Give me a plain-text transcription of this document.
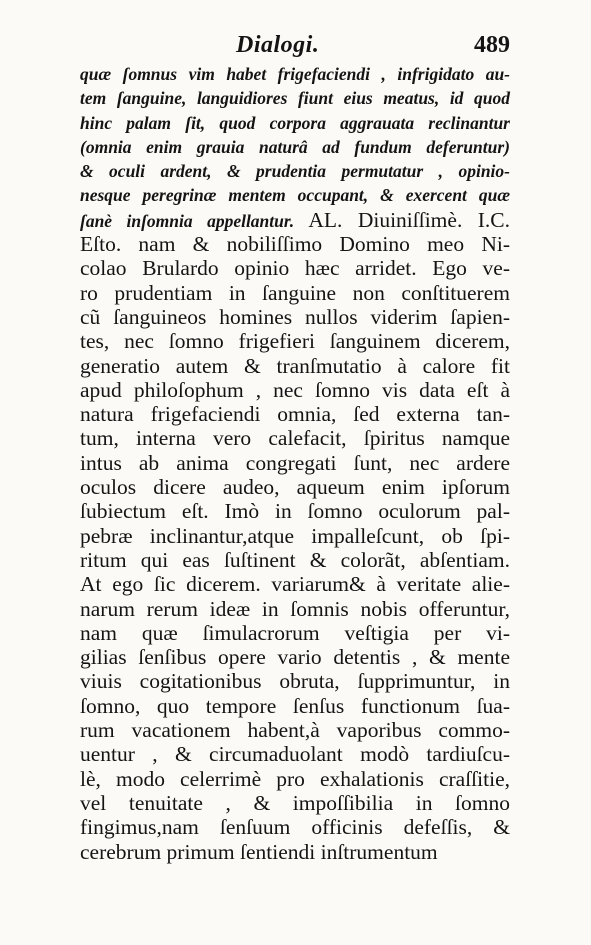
Dialogi.	489
quæ ſomnus vim habet frigefaciendi , infrigidato au-
tem ſanguine, languidiores fiunt eius meatus, id quod
hinc palam ſit, quod corpora aggrauata reclinantur
(omnia enim grauia naturâ ad fundum deferuntur)
& oculi ardent, & prudentia permutatur , opinio-
nesque peregrinæ mentem occupant, & exercent quæ
ſanè inſomnia appellantur. AL. Diuiniſſimè. I.C.
Eſto. nam & nobiliſſimo Domino meo Ni-
colao Brulardo opinio hæc arridet. Ego ve-
ro prudentiam in ſanguine non conſtituerem
cũ ſanguineos homines nullos viderim ſapien-
tes, nec ſomno frigefieri ſanguinem dicerem,
generatio autem & tranſmutatio à calore fit
apud philoſophum , nec ſomno vis data eſt à
natura frigefaciendi omnia, ſed externa tan-
tum, interna vero calefacit, ſpiritus namque
intus ab anima congregati ſunt, nec ardere
oculos dicere audeo, aqueum enim ipſorum
ſubiectum eſt. Imò in ſomno oculorum pal-
pebræ inclinantur,atque impalleſcunt, ob ſpi-
ritum qui eas ſuſtinent & colorãt, abſentiam.
At ego ſic dicerem. variarum& à veritate alie-
narum rerum ideæ in ſomnis nobis offeruntur,
nam quæ ſimulacrorum veſtigia per vi-
gilias ſenſibus opere vario detentis , & mente
viuis cogitationibus obruta, ſupprimuntur, in
ſomno, quo tempore ſenſus functionum ſua-
rum vacationem habent,à vaporibus commo-
uentur , & circumaduolant modò tardiuſcu-
lè, modo celerrimè pro exhalationis craſſitie,
vel tenuitate , & impoſſibilia in ſomno
fingimus,nam ſenſuum officinis defeſſis, &
cerebrum primum ſentiendi inſtrumentum
